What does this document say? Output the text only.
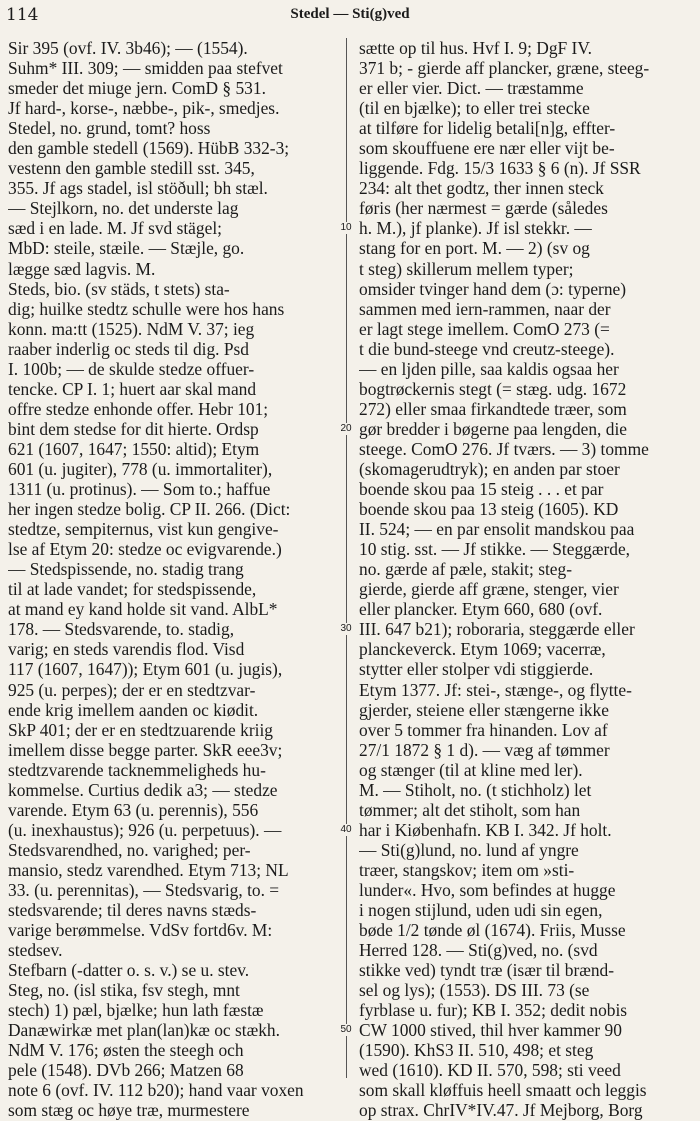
114	Stedel — Sti(g)ved
Sir 395 (ovf. IV. 3b46); — (1554).
Suhm* III. 309; — smidden paa stefvet
smeder det miuge jern. ComD § 531.
Jf hard-, korse-, næbbe-, pik-, smedjes.
Stedel, no. grund, tomt? hoss
den gamble stedell (1569). HübB 332-3;
vestenn den gamble stedill sst. 345,
355. Jf ags stadel, isl stöðull; bh stæl.
— Stejlkorn, no. det underste lag
sæd i en lade. M. Jf svd stägel;
MbD: steile, stæile. — Stæjle, go.
lægge sæd lagvis. M.
Steds, bio. (sv städs, t stets) sta-
dig; huilke stedtz schulle were hos hans
konn. ma:tt (1525). NdM V. 37; ieg
raaber inderlig oc steds til dig. Psd
I. 100b; — de skulde stedze offuer-
tencke. CP I. 1; huert aar skal mand
offre stedze enhonde offer. Hebr 101;
bint dem stedse for dit hierte. Ordsp
621 (1607, 1647; 1550: altid); Etym
601 (u. jugiter), 778 (u. immortaliter),
1311 (u. protinus). — Som to.; haffue
her ingen stedze bolig. CP II. 266. (Dict:
stedtze, sempiternus, vist kun gengive-
lse af Etym 20: stedze oc evigvarende.)
— Stedspissende, no. stadig trang
til at lade vandet; for stedspissende,
at mand ey kand holde sit vand. AlbL*
178. — Stedsvarende, to. stadig,
varig; en steds varendis flod. Visd
117 (1607, 1647)); Etym 601 (u. jugis),
925 (u. perpes); der er en stedtzvar-
ende krig imellem aanden oc kiødit.
SkP 401; der er en stedtzuarende kriig
imellem disse begge parter. SkR eee3v;
stedtzvarende tacknemmeligheds hu-
kommelse. Curtius dedik a3; — stedze
varende. Etym 63 (u. perennis), 556
(u. inexhaustus); 926 (u. perpetuus). —
Stedsvarendhed, no. varighed; per-
mansio, stedz varendhed. Etym 713; NL
33. (u. perennitas), — Stedsvarig, to. =
stedsvarende; til deres navns stæds-
varige berømmelse. VdSv fortd6v. M:
stedsev.
Stefbarn (-datter o. s. v.) se u. stev.
Steg, no. (isl stika, fsv stegh, mnt
stech) 1) pæl, bjælke; hun lath fæstæ
Danæwirkæ met plan(lan)kæ oc stækh.
NdM V. 176; østen the steegh och
pele (1548). DVb 266; Matzen 68
note 6 (ovf. IV. 112 b20); hand vaar voxen
som stæg oc høye træ, murmestere
10
20
30
40
50
sætte op til hus. Hvf I. 9; DgF IV.
371 b; - gierde aff plancker, græne, steeg-
er eller vier. Dict. — træstamme
(til en bjælke); to eller trei stecke
at tilføre for lidelig betali[n]g, effter-
som skouffuene ere nær eller vijt be-
liggende. Fdg. 15/3 1633 § 6 (n). Jf SSR
234: alt thet godtz, ther innen steck
føris (her nærmest = gærde (således
h. M.), jf planke). Jf isl stekkr. —
stang for en port. M. — 2) (sv og
t steg) skillerum mellem typer;
omsider tvinger hand dem (ɔ: typerne)
sammen med iern-rammen, naar der
er lagt stege imellem. ComO 273 (=
t die bund-steege vnd creutz-steege).
— en ljden pille, saa kaldis ogsaa her
bogtrøckernis stegt (= stæg. udg. 1672
272) eller smaa firkandtede træer, som
gør bredder i bøgerne paa lengden, die
steege. ComO 276. Jf tværs. — 3) tomme
(skomagerudtryk); en anden par stoer
boende skou paa 15 steig . . . et par
boende skou paa 13 steig (1605). KD
II. 524; — en par ensolit mandskou paa
10 stig. sst. — Jf stikke. — Steggærde,
no. gærde af pæle, stakit; steg-
gierde, gierde aff græne, stenger, vier
eller plancker. Etym 660, 680 (ovf.
III. 647 b21); roboraria, steggærde eller
planckeverck. Etym 1069; vacerræ,
stytter eller stolper vdi stiggierde.
Etym 1377. Jf: stei-, stænge-, og flytte-
gjerder, steiene eller stængerne ikke
over 5 tommer fra hinanden. Lov af
27/1 1872 § 1 d). — væg af tømmer
og stænger (til at kline med ler).
M. — Stiholt, no. (t stichholz) let
tømmer; alt det stiholt, som han
har i Kiøbenhafn. KB I. 342. Jf holt.
— Sti(g)lund, no. lund af yngre
træer, stangskov; item om »sti-
lunder«. Hvo, som befindes at hugge
i nogen stijlund, uden udi sin egen,
bøde 1/2 tønde øl (1674). Friis, Musse
Herred 128. — Sti(g)ved, no. (svd
stikke ved) tyndt træ (især til brænd-
sel og lys); (1553). DS III. 73 (se
fyrblase u. fur); KB I. 352; dedit nobis
CW 1000 stived, thil hver kammer 90
(1590). KhS3 II. 510, 498; et steg
wed (1610). KD II. 570, 598; sti veed
som skall kløffuis heell smaatt och leggis
op strax. ChrIV*IV.47. Jf Mejborg, Borg
